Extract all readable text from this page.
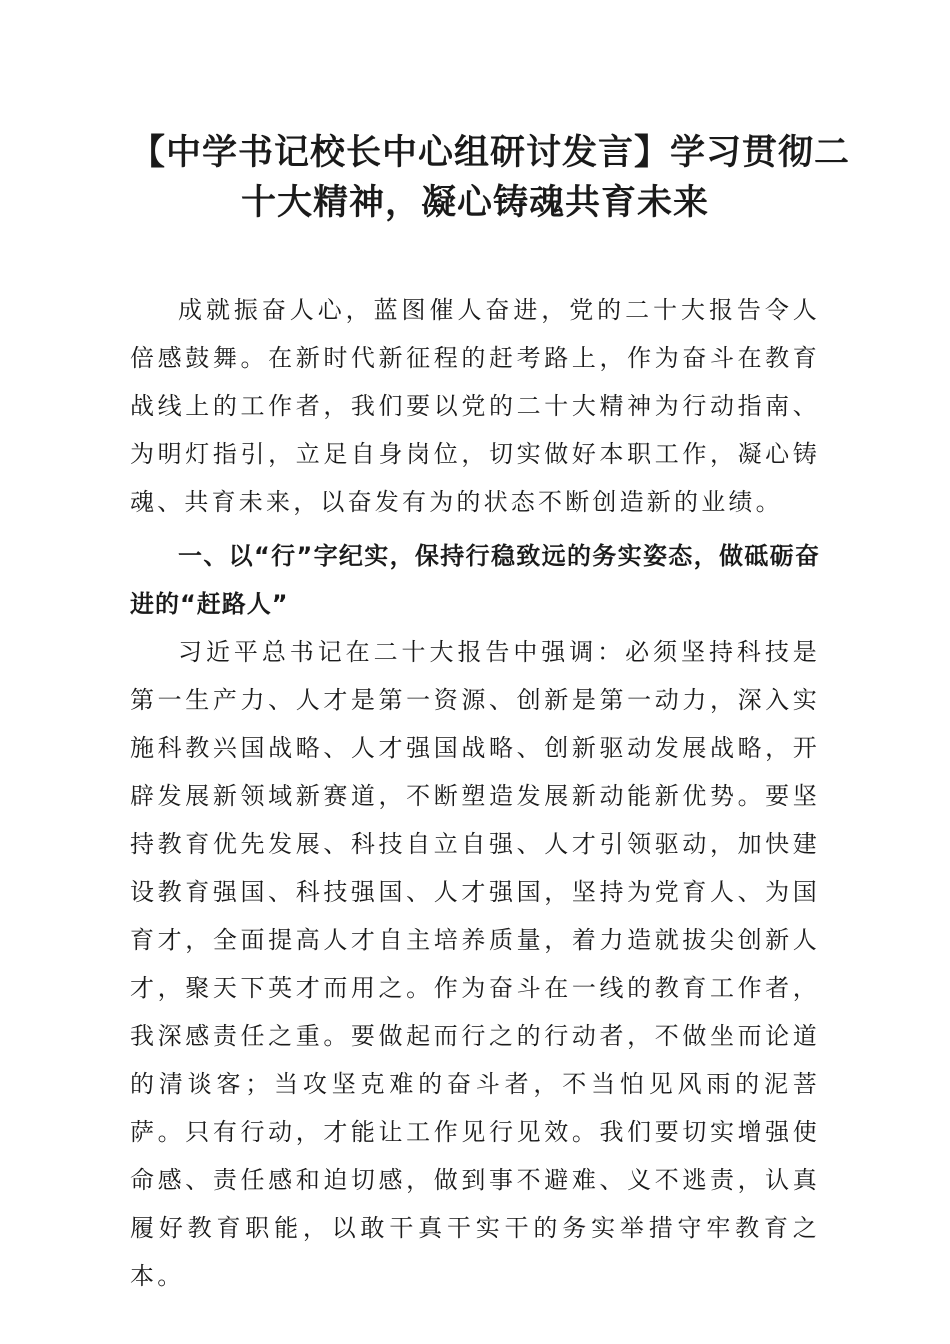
【中学书记校长中心组研讨发言】学习贯彻二
十大精神，凝心铸魂共育未来

成就振奋人心，蓝图催人奋进，党的二十大报告令人倍感鼓舞。在新时代新征程的赶考路上，作为奋斗在教育战线上的工作者，我们要以党的二十大精神为行动指南、为明灯指引，立足自身岗位，切实做好本职工作，凝心铸魂、共育未来，以奋发有为的状态不断创造新的业绩。

一、以“行”字纪实，保持行稳致远的务实姿态，做砥砺奋进的“赶路人”

习近平总书记在二十大报告中强调：必须坚持科技是第一生产力、人才是第一资源、创新是第一动力，深入实施科教兴国战略、人才强国战略、创新驱动发展战略，开辟发展新领域新赛道，不断塑造发展新动能新优势。要坚持教育优先发展、科技自立自强、人才引领驱动，加快建设教育强国、科技强国、人才强国，坚持为党育人、为国育才，全面提高人才自主培养质量，着力造就拔尖创新人才，聚天下英才而用之。作为奋斗在一线的教育工作者，我深感责任之重。要做起而行之的行动者，不做坐而论道的清谈客；当攻坚克难的奋斗者，不当怕见风雨的泥菩萨。只有行动，才能让工作见行见效。我们要切实增强使命感、责任感和迫切感，做到事不避难、义不逃责，认真履好教育职能，以敢干真干实干的务实举措守牢教育之本。
